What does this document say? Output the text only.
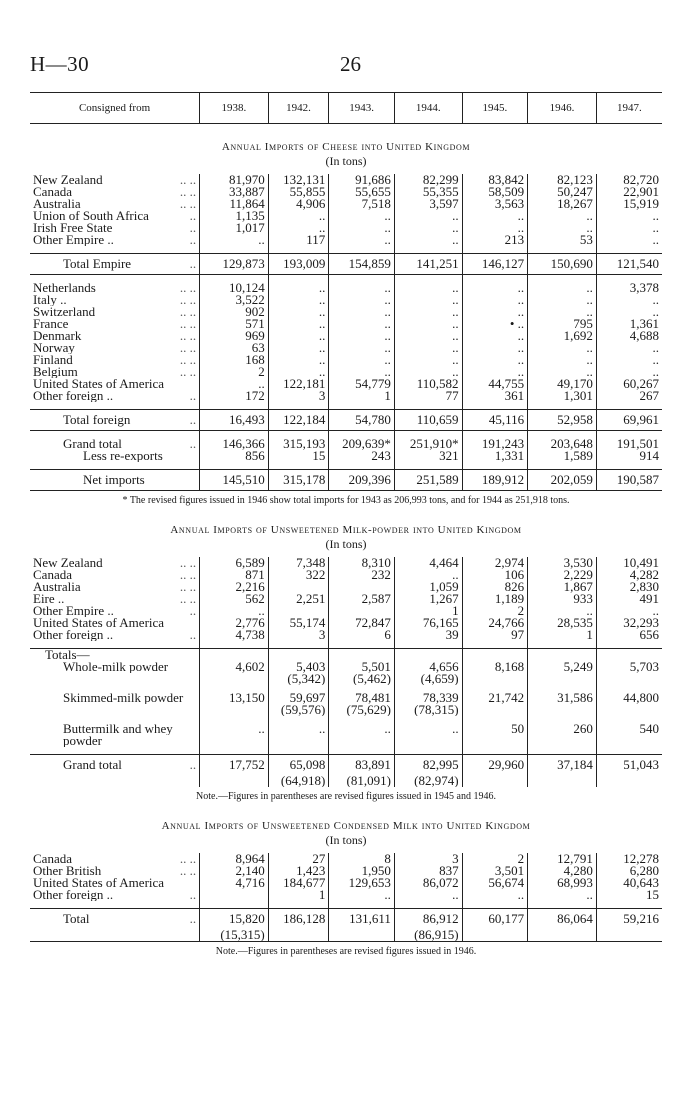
H—30	26
Consigned from	1938.	1942.	1943.	1944.	1945.	1946.	1947.
Annual Imports of Cheese into United Kingdom							
(In tons)							
New Zealand .. ..	81,970	132,131	91,686	82,299	83,842	82,123	82,720
Canada .. ..	33,887	55,855	55,655	55,355	58,509	50,247	22,901
Australia .. ..	11,864	4,906	7,518	3,597	3,563	18,267	15,919
Union of South Africa ..	1,135	..	..	..	..	..	..
Irish Free State ..	1,017	..	..	..	..	..	..
Other Empire .. ..	..	117	..	..	213	53	..

Total Empire ..	129,873	193,009	154,859	141,251	146,127	150,690	121,540

Netherlands .. ..	10,124	..	..	..	..	..	3,378
Italy .. .. ..	3,522	..	..	..	..	..	..
Switzerland .. ..	902	..	..	..	..	..	..
France .. ..	571	..	..	..	• ..	795	1,361
Denmark .. ..	969	..	..	..	..	1,692	4,688
Norway .. ..	63	..	..	..	..	..	..
Finland .. ..	168	..	..	..	..	..	..
Belgium .. ..	2	..	..	..	..	..	..
United States of America	..	122,181	54,779	110,582	44,755	49,170	60,267
Other foreign .. ..	172	3	1	77	361	1,301	267

Total foreign ..	16,493	122,184	54,780	110,659	45,116	52,958	69,961

Grand total ..	146,366	315,193	209,639*	251,910*	191,243	203,648	191,501
Less re-exports	856	15	243	321	1,331	1,589	914

Net imports	145,510	315,178	209,396	251,589	189,912	202,059	190,587
* The revised figures issued in 1946 show total imports for 1943 as 206,993 tons, and for 1944 as 251,918 tons.							
Annual Imports of Unsweetened Milk-powder into United Kingdom							
(In tons)							
New Zealand .. ..	6,589	7,348	8,310	4,464	2,974	3,530	10,491
Canada .. ..	871	322	232	..	106	2,229	4,282
Australia .. ..	2,216			1,059	826	1,867	2,830
Eire .. .. ..	562	2,251	2,587	1,267	1,189	933	491
Other Empire .. ..	..			1	2	..	..
United States of America	2,776	55,174	72,847	76,165	24,766	28,535	32,293
Other foreign .. ..	4,738	3	6	39	97	1	656

Totals—							
Whole-milk powder	4,602	5,403	5,501	4,656	8,168	5,249	5,703
		(5,342)	(5,462)	(4,659)			

Skimmed-milk powder	13,150	59,697	78,481	78,339	21,742	31,586	44,800
		(59,576)	(75,629)	(78,315)			

Buttermilk and whey	..	..	..	..	50	260	540
powder							

Grand total ..	17,752	65,098	83,891	82,995	29,960	37,184	51,043
		(64,918)	(81,091)	(82,974)			
Note.—Figures in parentheses are revised figures issued in 1945 and 1946.							
Annual Imports of Unsweetened Condensed Milk into United Kingdom							
(In tons)							
Canada .. ..	8,964	27	8	3	2	12,791	12,278
Other British .. ..	2,140	1,423	1,950	837	3,501	4,280	6,280
United States of America	4,716	184,677	129,653	86,072	56,674	68,993	40,643
Other foreign .. ..		1	..	..	..	..	15

Total ..	15,820	186,128	131,611	86,912	60,177	86,064	59,216
	(15,315)			(86,915)			
Note.—Figures in parentheses are revised figures issued in 1946.							
